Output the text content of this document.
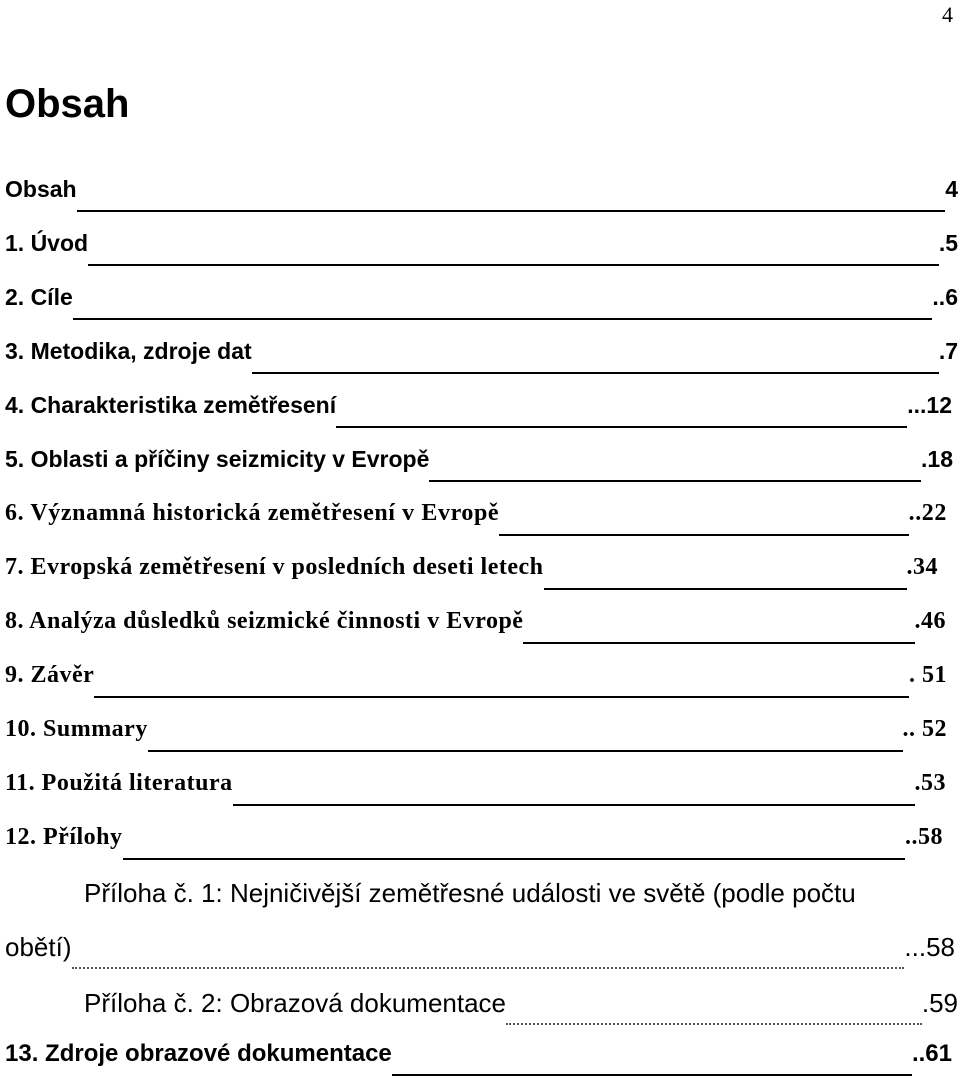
4
Obsah
Obsah	4
1. Úvod	.5
2. Cíle	..6
3. Metodika, zdroje dat	.7
4. Charakteristika zemětřesení	...12
5. Oblasti a příčiny seizmicity v Evropě	.18
6. Významná historická zemětřesení v Evropě	..22
7. Evropská zemětřesení v posledních deseti letech	.34
8. Analýza důsledků seizmické činnosti v Evropě	.46
9. Závěr	. 51
10. Summary	.. 52
11. Použitá literatura	.53
12. Přílohy	..58
Příloha č. 1: Nejničivější zemětřesné události ve světě (podle počtu
obětí)	...58
Příloha č. 2: Obrazová dokumentace	.59
13. Zdroje obrazové dokumentace	..61
